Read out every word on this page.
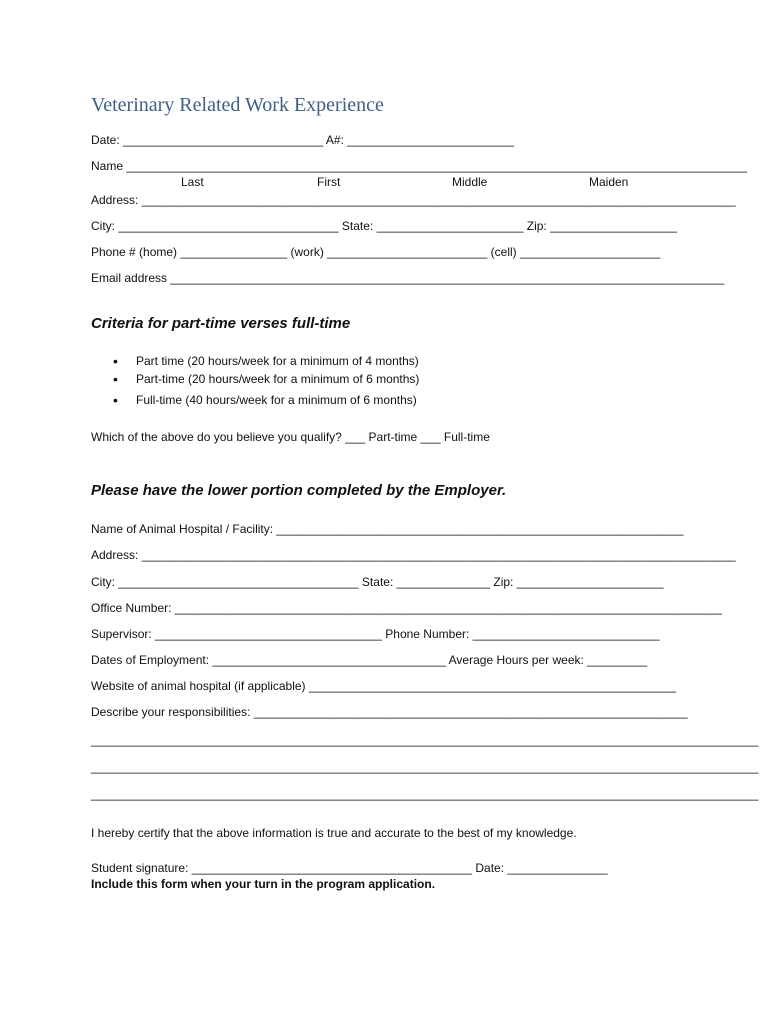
Veterinary Related Work Experience
Date: ______________________________ A#: _________________________
Name _____________________________________________________________________________________________
Last	First	Middle	Maiden
Address: _________________________________________________________________________________________
City: _________________________________ State: ______________________ Zip: ___________________
Phone # (home) ________________ (work) ________________________ (cell) _____________________
Email address ___________________________________________________________________________________
Criteria for part-time verses full-time
• Part time (20 hours/week for a minimum of 4 months)
• Part-time (20 hours/week for a minimum of 6 months)
• Full-time (40 hours/week for a minimum of 6 months)
Which of the above do you believe you qualify? ___ Part-time ___ Full-time
Please have the lower portion completed by the Employer.
Name of Animal Hospital / Facility: _____________________________________________________________
Address: _________________________________________________________________________________________
City: ____________________________________ State: ______________ Zip: ______________________
Office Number: __________________________________________________________________________________
Supervisor: __________________________________ Phone Number: ____________________________
Dates of Employment: ___________________________________ Average Hours per week: _________
Website of animal hospital (if applicable) _______________________________________________________
Describe your responsibilities: _________________________________________________________________
____________________________________________________________________________________________________
____________________________________________________________________________________________________
____________________________________________________________________________________________________
I hereby certify that the above information is true and accurate to the best of my knowledge.
Student signature: __________________________________________ Date: _______________
Include this form when your turn in the program application.
